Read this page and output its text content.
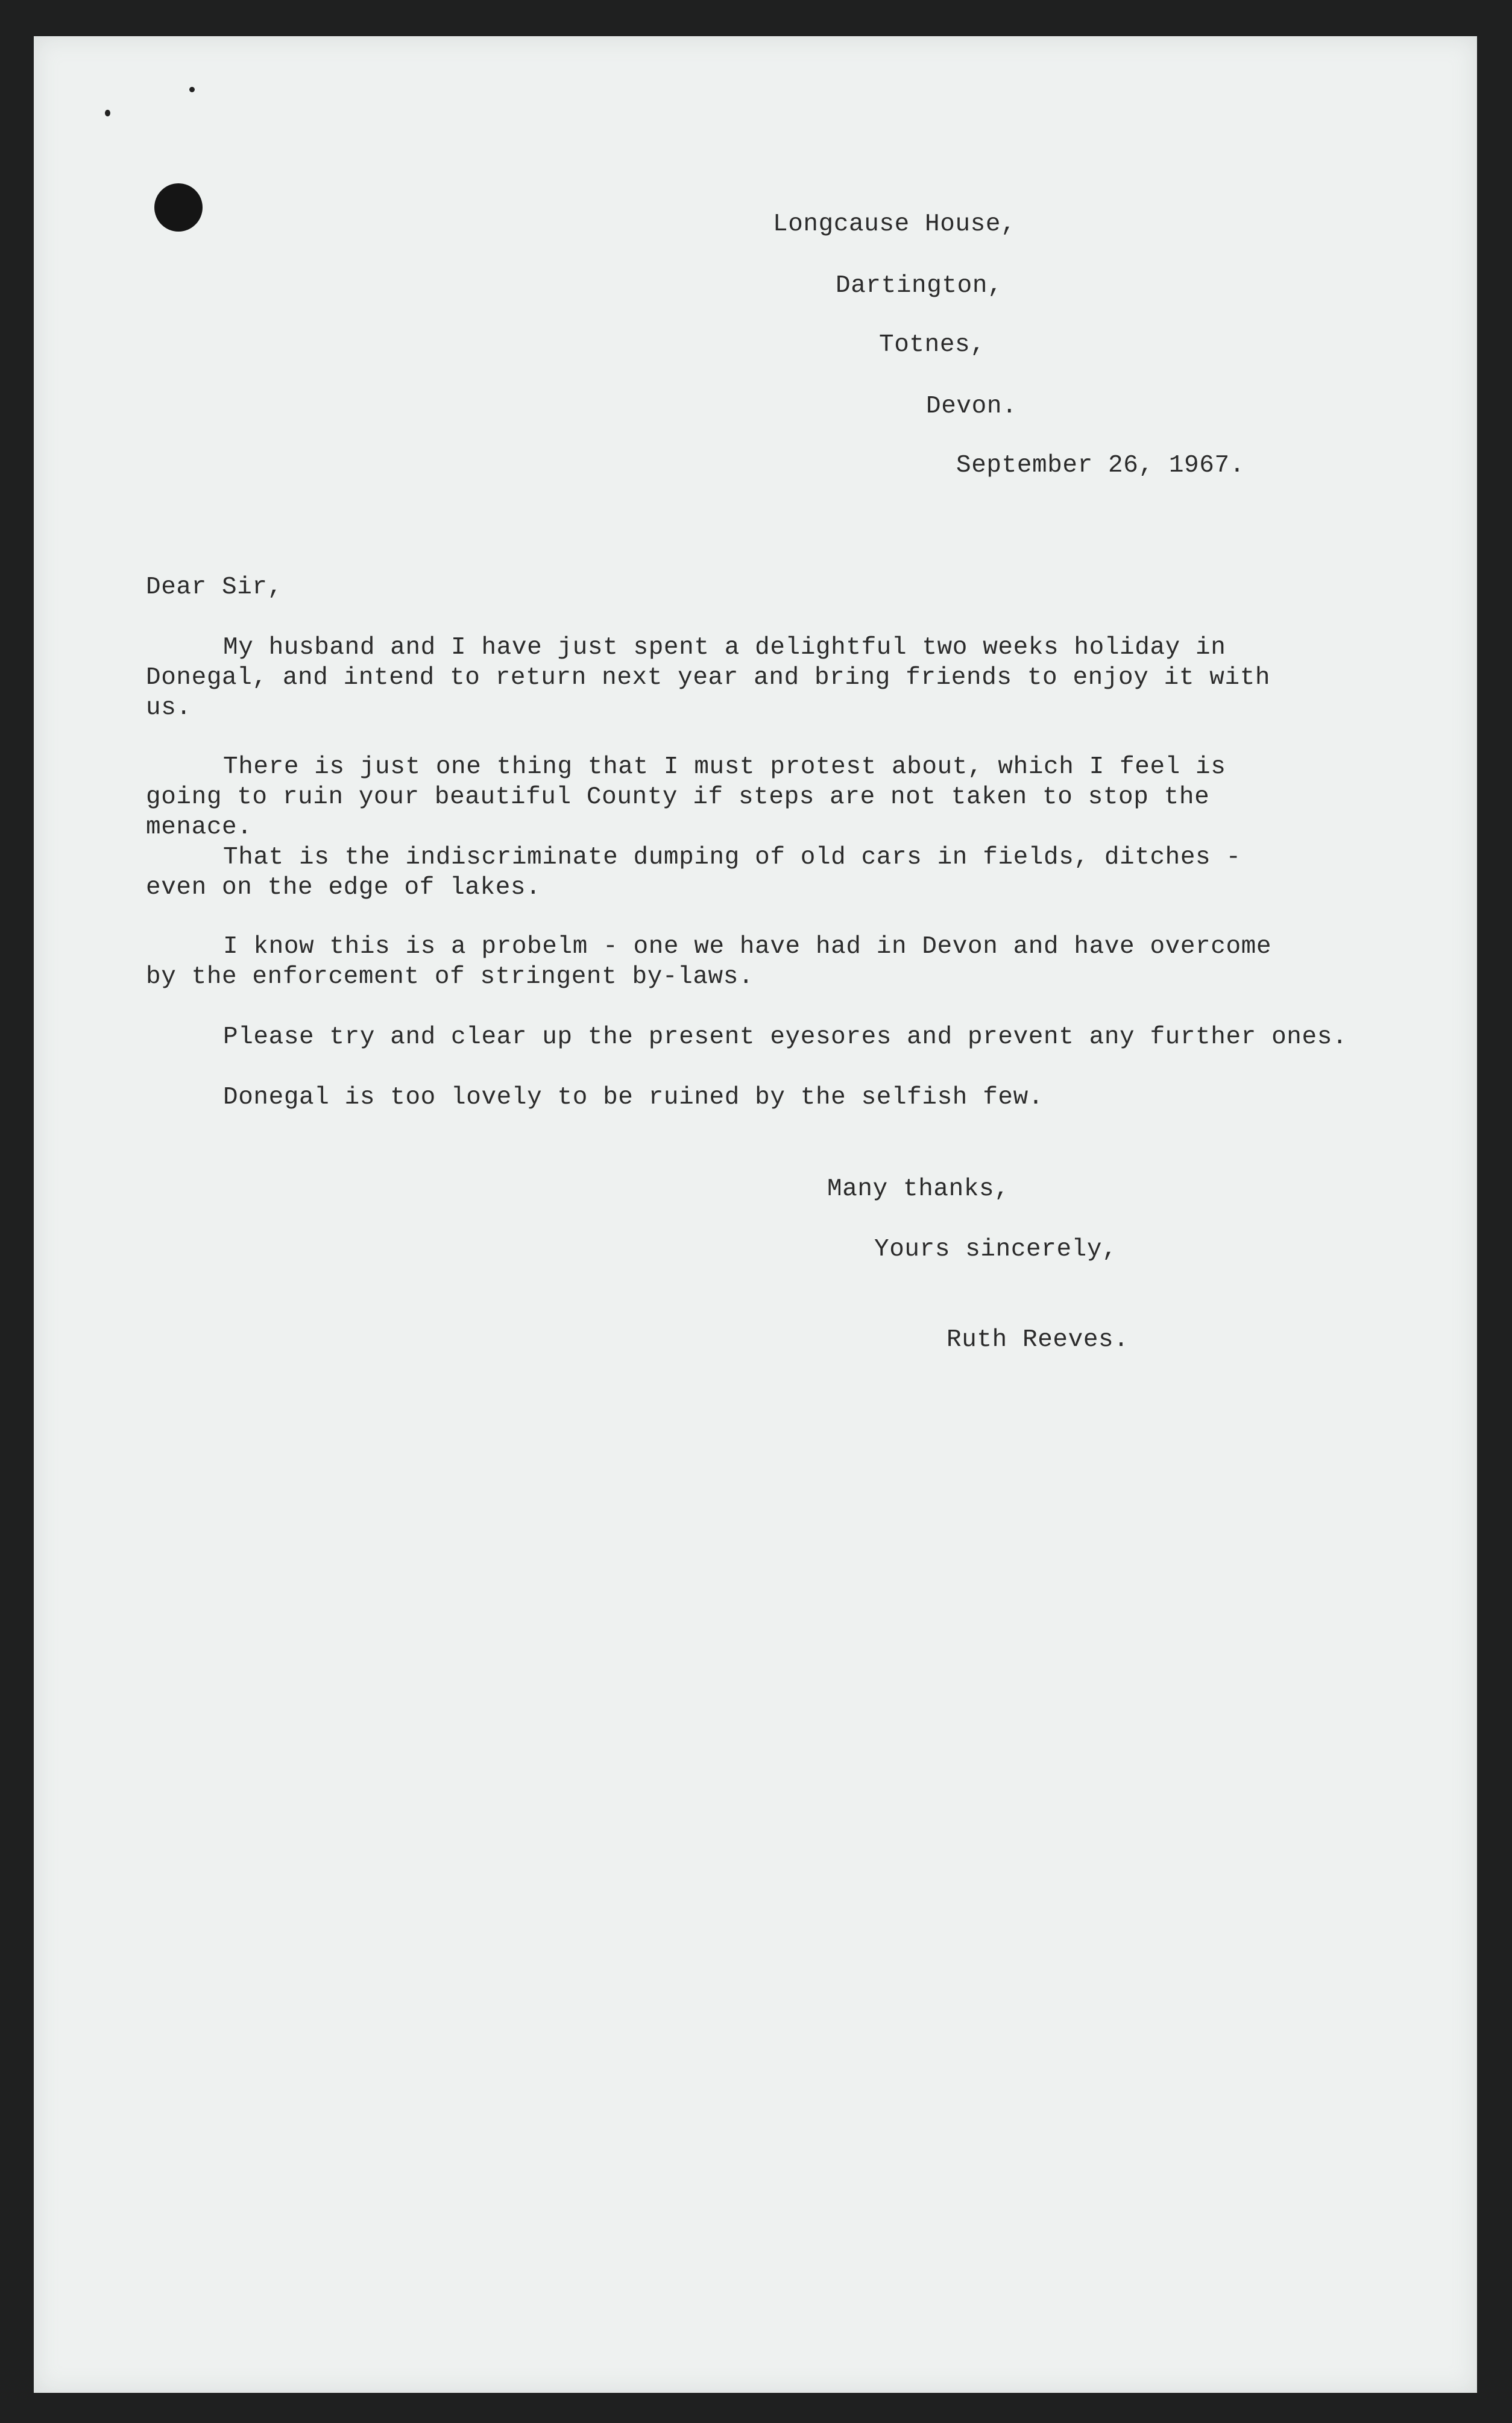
Longcause House,
Dartington,
Totnes,
Devon.
September 26, 1967.
Dear Sir,
My husband and I have just spent a delightful two weeks holiday in
Donegal, and intend to return next year and bring friends to enjoy it with
us.
There is just one thing that I must protest about, which I feel is
going to ruin your beautiful County if steps are not taken to stop the
menace.
That is the indiscriminate dumping of old cars in fields, ditches -
even on the edge of lakes.
I know this is a probelm - one we have had in Devon and have overcome
by the enforcement of stringent by-laws.
Please try and clear up the present eyesores and prevent any further ones.
Donegal is too lovely to be ruined by the selfish few.
Many thanks,
Yours sincerely,
Ruth Reeves.
